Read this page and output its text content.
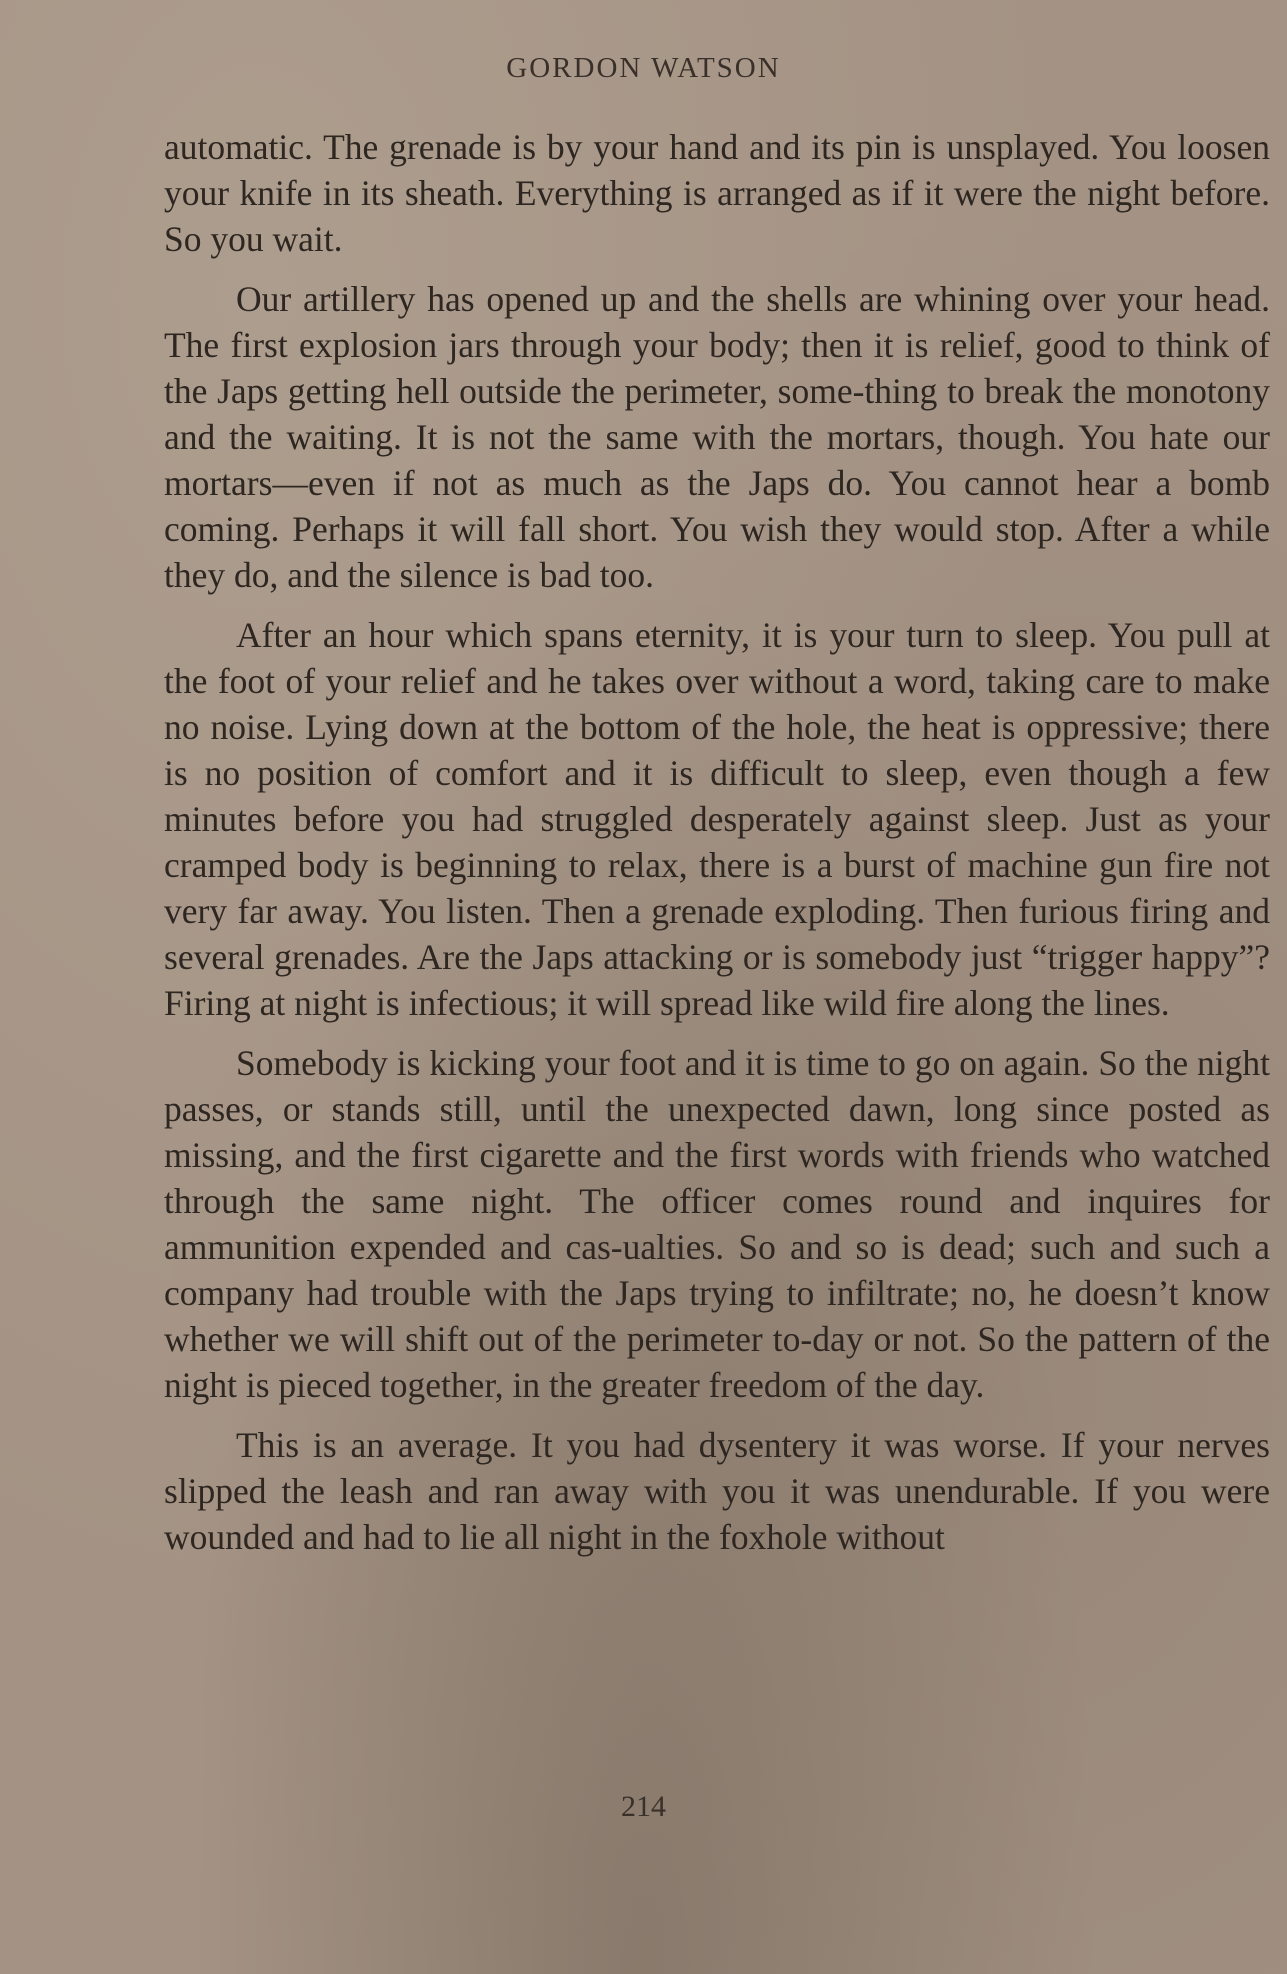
GORDON WATSON

automatic. The grenade is by your hand and its pin is unsplayed. You loosen your knife in its sheath. Everything is arranged as if it were the night before. So you wait.

Our artillery has opened up and the shells are whining over your head. The first explosion jars through your body; then it is relief, good to think of the Japs getting hell outside the perimeter, some-thing to break the monotony and the waiting. It is not the same with the mortars, though. You hate our mortars—even if not as much as the Japs do. You cannot hear a bomb coming. Perhaps it will fall short. You wish they would stop. After a while they do, and the silence is bad too.

After an hour which spans eternity, it is your turn to sleep. You pull at the foot of your relief and he takes over without a word, taking care to make no noise. Lying down at the bottom of the hole, the heat is oppressive; there is no position of comfort and it is difficult to sleep, even though a few minutes before you had struggled desperately against sleep. Just as your cramped body is beginning to relax, there is a burst of machine gun fire not very far away. You listen. Then a grenade exploding. Then furious firing and several grenades. Are the Japs attacking or is somebody just “trigger happy”? Firing at night is infectious; it will spread like wild fire along the lines.

Somebody is kicking your foot and it is time to go on again. So the night passes, or stands still, until the unexpected dawn, long since posted as missing, and the first cigarette and the first words with friends who watched through the same night. The officer comes round and inquires for ammunition expended and cas-ualties. So and so is dead; such and such a company had trouble with the Japs trying to infiltrate; no, he doesn’t know whether we will shift out of the perimeter to-day or not. So the pattern of the night is pieced together, in the greater freedom of the day.

This is an average. It you had dysentery it was worse. If your nerves slipped the leash and ran away with you it was unendurable. If you were wounded and had to lie all night in the foxhole without

214
